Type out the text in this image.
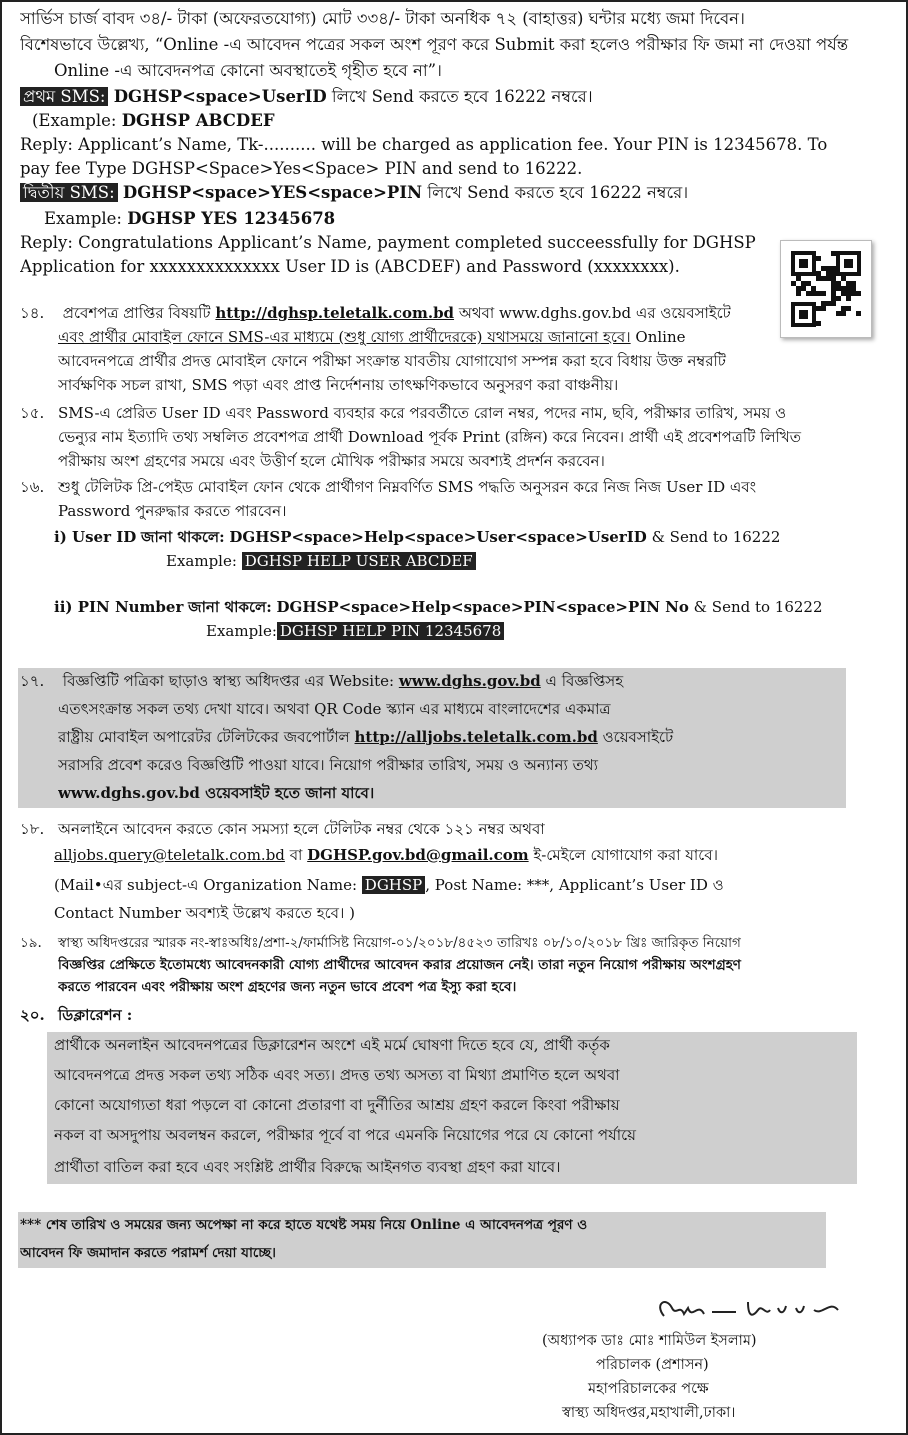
সার্ভিস চার্জ বাবদ ৩৪/- টাকা (অফেরতযোগ্য) মোট ৩৩৪/- টাকা অনধিক ৭২ (বাহাত্তর) ঘন্টার মধ্যে জমা দিবেন।
বিশেষভাবে উল্লেখ্য, “Online -এ আবেদন পত্রের সকল অংশ পূরণ করে Submit করা হলেও পরীক্ষার ফি জমা না দেওয়া পর্যন্ত
Online -এ আবেদনপত্র কোনো অবস্থাতেই গৃহীত হবে না”।
প্রথম SMS: DGHSP<space>UserID লিখে Send করতে হবে 16222 নম্বরে।
(Example: DGHSP ABCDEF
Reply: Applicant’s Name, Tk-.......... will be charged as application fee. Your PIN is 12345678. To
pay fee Type DGHSP<Space>Yes<Space> PIN and send to 16222.
দ্বিতীয় SMS: DGHSP<space>YES<space>PIN লিখে Send করতে হবে 16222 নম্বরে।
Example: DGHSP YES 12345678
Reply: Congratulations Applicant’s Name, payment completed succeessfully for DGHSP
Application for xxxxxxxxxxxxxx User ID is (ABCDEF) and Password (xxxxxxxx).
১৪. প্রবেশপত্র প্রাপ্তির বিষয়টি http://dghsp.teletalk.com.bd অথবা www.dghs.gov.bd এর ওয়েবসাইটে
এবং প্রার্থীর মোবাইল ফোনে SMS-এর মাধ্যমে (শুধু যোগ্য প্রার্থীদেরকে) যথাসময়ে জানানো হবে। Online
আবেদনপত্রে প্রার্থীর প্রদত্ত মোবাইল ফোনে পরীক্ষা সংক্রান্ত যাবতীয় যোগাযোগ সম্পন্ন করা হবে বিধায় উক্ত নম্বরটি
সার্বক্ষণিক সচল রাখা, SMS পড়া এবং প্রাপ্ত নির্দেশনায় তাৎক্ষণিকভাবে অনুসরণ করা বাঞ্চনীয়।
১৫. SMS-এ প্রেরিত User ID এবং Password ব্যবহার করে পরবর্তীতে রোল নম্বর, পদের নাম, ছবি, পরীক্ষার তারিখ, সময় ও
ভেন্যুর নাম ইত্যাদি তথ্য সম্বলিত প্রবেশপত্র প্রার্থী Download পূর্বক Print (রঙ্গিন) করে নিবেন। প্রার্থী এই প্রবেশপত্রটি লিখিত
পরীক্ষায় অংশ গ্রহণের সময়ে এবং উত্তীর্ণ হলে মৌখিক পরীক্ষার সময়ে অবশ্যই প্রদর্শন করবেন।
১৬. শুধু টেলিটক প্রি-পেইড মোবাইল ফোন থেকে প্রার্থীগণ নিম্নবর্ণিত SMS পদ্ধতি অনুসরন করে নিজ নিজ User ID এবং
Password পুনরুদ্ধার করতে পারবেন।
i) User ID জানা থাকলে: DGHSP<space>Help<space>User<space>UserID & Send to 16222
Example: DGHSP HELP USER ABCDEF
ii) PIN Number জানা থাকলে: DGHSP<space>Help<space>PIN<space>PIN No & Send to 16222
Example: DGHSP HELP PIN 12345678
১৭. বিজ্ঞপ্তিটি পত্রিকা ছাড়াও স্বাস্থ্য অধিদপ্তর এর Website: www.dghs.gov.bd এ বিজ্ঞপ্তিসহ
এতৎসংক্রান্ত সকল তথ্য দেখা যাবে। অথবা QR Code স্ক্যান এর মাধ্যমে বাংলাদেশের একমাত্র
রাষ্ট্রীয় মোবাইল অপারেটর টেলিটকের জবপোর্টাল http://alljobs.teletalk.com.bd ওয়েবসাইটে
সরাসরি প্রবেশ করেও বিজ্ঞপ্তিটি পাওয়া যাবে। নিয়োগ পরীক্ষার তারিখ, সময় ও অন্যান্য তথ্য
www.dghs.gov.bd ওয়েবসাইট হতে জানা যাবে।
১৮. অনলাইনে আবেদন করতে কোন সমস্যা হলে টেলিটক নম্বর থেকে ১২১ নম্বর অথবা
alljobs.query@teletalk.com.bd বা DGHSP.gov.bd@gmail.com ই-মেইলে যোগাযোগ করা যাবে।
(Mail•এর subject-এ Organization Name: DGHSP , Post Name: ***, Applicant’s User ID ও
Contact Number অবশ্যই উল্লেখ করতে হবে। )
১৯. স্বাস্থ্য অধিদপ্তরের স্মারক নং-স্বাঃঅধিঃ/প্রশা-২/ফার্মাসিষ্ট নিয়োগ-০১/২০১৮/৪৫২৩ তারিখঃ ০৮/১০/২০১৮ খ্রিঃ জারিকৃত নিয়োগ
বিজ্ঞপ্তির প্রেক্ষিতে ইতোমধ্যে আবেদনকারী যোগ্য প্রার্থীদের আবেদন করার প্রয়োজন নেই। তারা নতুন নিয়োগ পরীক্ষায় অংশগ্রহণ
করতে পারবেন এবং পরীক্ষায় অংশ গ্রহণের জন্য নতুন ভাবে প্রবেশ পত্র ইস্যু করা হবে।
২০. ডিক্লারেশন :
প্রার্থীকে অনলাইন আবেদনপত্রের ডিক্লারেশন অংশে এই মর্মে ঘোষণা দিতে হবে যে, প্রার্থী কর্তৃক
আবেদনপত্রে প্রদত্ত সকল তথ্য সঠিক এবং সত্য। প্রদত্ত তথ্য অসত্য বা মিথ্যা প্রমাণিত হলে অথবা
কোনো অযোগ্যতা ধরা পড়লে বা কোনো প্রতারণা বা দুর্নীতির আশ্রয় গ্রহণ করলে কিংবা পরীক্ষায়
নকল বা অসদুপায় অবলম্বন করলে, পরীক্ষার পূর্বে বা পরে এমনকি নিয়োগের পরে যে কোনো পর্যায়ে
প্রার্থীতা বাতিল করা হবে এবং সংশ্লিষ্ট প্রার্থীর বিরুদ্ধে আইনগত ব্যবস্থা গ্রহণ করা যাবে।
*** শেষ তারিখ ও সময়ের জন্য অপেক্ষা না করে হাতে যথেষ্ট সময় নিয়ে Online এ আবেদনপত্র পূরণ ও
আবেদন ফি জমাদান করতে পরামর্শ দেয়া যাচ্ছে।
(অধ্যাপক ডাঃ মোঃ শামিউল ইসলাম)
পরিচালক (প্রশাসন)
মহাপরিচালকের পক্ষে
স্বাস্থ্য অধিদপ্তর,মহাখালী,ঢাকা।
